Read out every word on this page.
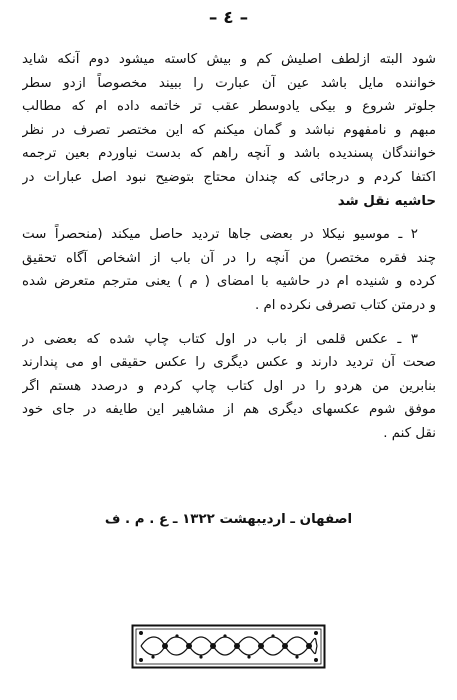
– ٤ –
شود البته ازلطف اصلیش کم و بیش کاسته میشود دوم آنکه شاید
خواننده مایل باشد عین آن عبارت را ببیند مخصوصاً ازدو سطر
جلوتر شروع و بیکی یادوسطر عقب تر خاتمه داده ام که مطالب
مبهم و نامفهوم نباشد و گمان میکنم که این مختصر تصرف در نظر
خوانندگان پسندیده باشد و آنچه راهم که بدست نیاوردم بعین ترجمه
اکتفا کردم و درجائی که چندان محتاج بتوضیح نبود اصل عبارات در
حاشیه نقل شد
۲ ـ موسیو نیکلا در بعضی جاها تردید حاصل میکند (منحصراً ست
چند فقره مختصر) من آنچه را در آن باب از اشخاص آگاه تحقیق
کرده و شنیده ام در حاشیه با امضای ( م ) یعنی مترجم متعرض شده
و درمتن کتاب تصرفی نکرده ام .
۳ ـ عکس قلمی از باب در اول کتاب چاپ شده که بعضی در
صحت آن تردید دارند و عکس دیگری را عکس حقیقی او می پندارند
بنابرین من هردو را در اول کتاب چاپ کردم و درصدد هستم اگر
موفق شوم عکسهای دیگری هم از مشاهیر این طایفه در جای خود
نقل کنم .
اصفهان ـ اردیبهشت ۱۳۲۲ ـ ع . م . ف
